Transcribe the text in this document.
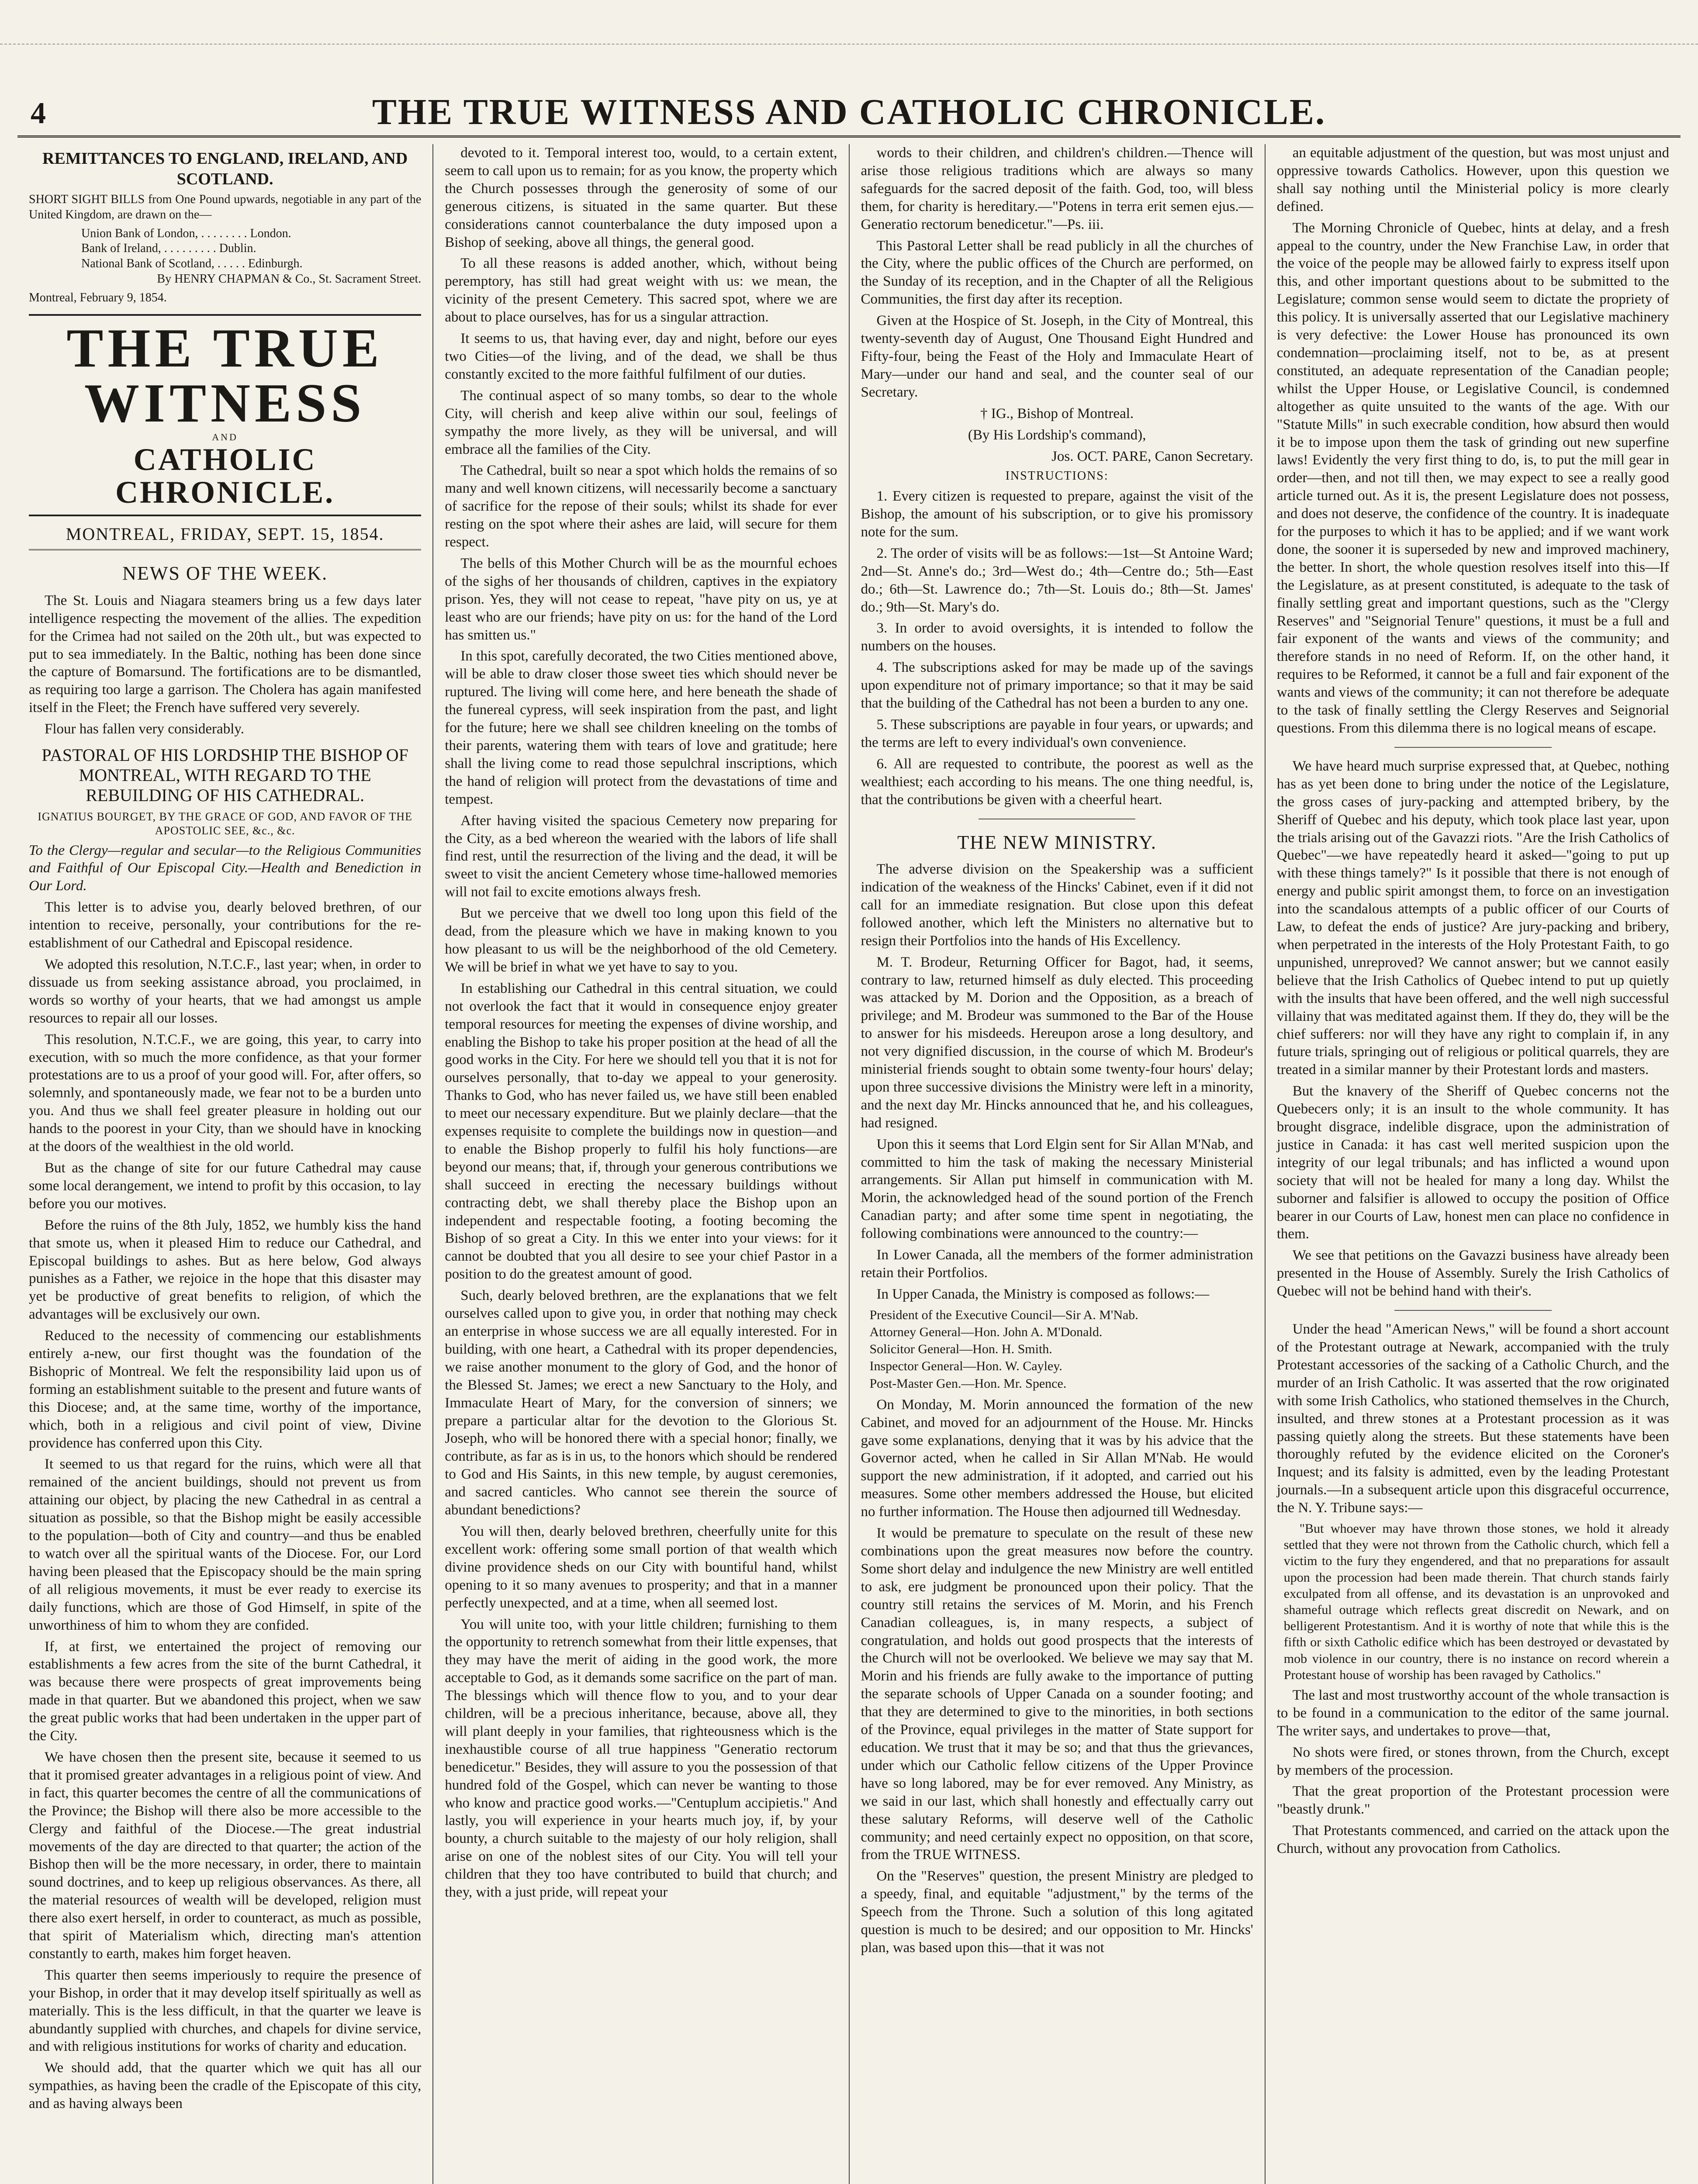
4	THE TRUE WITNESS AND CATHOLIC CHRONICLE.
REMITTANCES TO ENGLAND, IRELAND, AND SCOTLAND.

SHORT SIGHT BILLS from One Pound upwards, negotiable in any part of the United Kingdom, are drawn on the—

Union Bank of London, . . . . . . . . London.
Bank of Ireland, . . . . . . . . . Dublin.
National Bank of Scotland, . . . . . Edinburgh.

By HENRY CHAPMAN & Co., St. Sacrament Street.

Montreal, February 9, 1854.

THE TRUE WITNESS
AND
CATHOLIC CHRONICLE.
MONTREAL, FRIDAY, SEPT. 15, 1854.
NEWS OF THE WEEK.

The St. Louis and Niagara steamers bring us a few days later intelligence respecting the movement of the allies. The expedition for the Crimea had not sailed on the 20th ult., but was expected to put to sea immediately. In the Baltic, nothing has been done since the capture of Bomarsund. The fortifications are to be dismantled, as requiring too large a garrison. The Cholera has again manifested itself in the Fleet; the French have suffered very severely.

Flour has fallen very considerably.

PASTORAL OF HIS LORDSHIP THE BISHOP OF MONTREAL, WITH REGARD TO THE REBUILDING OF HIS CATHEDRAL.
IGNATIUS BOURGET, BY THE GRACE OF GOD, AND FAVOR OF THE APOSTOLIC SEE, &c., &c.

To the Clergy—regular and secular—to the Religious Communities and Faithful of Our Episcopal City.—Health and Benediction in Our Lord.

This letter is to advise you, dearly beloved brethren, of our intention to receive, personally, your contributions for the re-establishment of our Cathedral and Episcopal residence.

We adopted this resolution, N.T.C.F., last year; when, in order to dissuade us from seeking assistance abroad, you proclaimed, in words so worthy of your hearts, that we had amongst us ample resources to repair all our losses.

This resolution, N.T.C.F., we are going, this year, to carry into execution, with so much the more confidence, as that your former protestations are to us a proof of your good will. For, after offers, so solemnly, and spontaneously made, we fear not to be a burden unto you. And thus we shall feel greater pleasure in holding out our hands to the poorest in your City, than we should have in knocking at the doors of the wealthiest in the old world.

But as the change of site for our future Cathedral may cause some local derangement, we intend to profit by this occasion, to lay before you our motives.

Before the ruins of the 8th July, 1852, we humbly kiss the hand that smote us, when it pleased Him to reduce our Cathedral, and Episcopal buildings to ashes. But as here below, God always punishes as a Father, we rejoice in the hope that this disaster may yet be productive of great benefits to religion, of which the advantages will be exclusively our own.

Reduced to the necessity of commencing our establishments entirely a-new, our first thought was the foundation of the Bishopric of Montreal. We felt the responsibility laid upon us of forming an establishment suitable to the present and future wants of this Diocese; and, at the same time, worthy of the importance, which, both in a religious and civil point of view, Divine providence has conferred upon this City.

It seemed to us that regard for the ruins, which were all that remained of the ancient buildings, should not prevent us from attaining our object, by placing the new Cathedral in as central a situation as possible, so that the Bishop might be easily accessible to the population—both of City and country—and thus be enabled to watch over all the spiritual wants of the Diocese. For, our Lord having been pleased that the Episcopacy should be the main spring of all religious movements, it must be ever ready to exercise its daily functions, which are those of God Himself, in spite of the unworthiness of him to whom they are confided.

If, at first, we entertained the project of removing our establishments a few acres from the site of the burnt Cathedral, it was because there were prospects of great improvements being made in that quarter. But we abandoned this project, when we saw the great public works that had been undertaken in the upper part of the City.

We have chosen then the present site, because it seemed to us that it promised greater advantages in a religious point of view. And in fact, this quarter becomes the centre of all the communications of the Province; the Bishop will there also be more accessible to the Clergy and faithful of the Diocese.—The great industrial movements of the day are directed to that quarter; the action of the Bishop then will be the more necessary, in order, there to maintain sound doctrines, and to keep up religious observances. As there, all the material resources of wealth will be developed, religion must there also exert herself, in order to counteract, as much as possible, that spirit of Materialism which, directing man's attention constantly to earth, makes him forget heaven.

This quarter then seems imperiously to require the presence of your Bishop, in order that it may develop itself spiritually as well as materially. This is the less difficult, in that the quarter we leave is abundantly supplied with churches, and chapels for divine service, and with religious institutions for works of charity and education.

We should add, that the quarter which we quit has all our sympathies, as having been the cradle of the Episcopate of this city, and as having always been

devoted to it. Temporal interest too, would, to a certain extent, seem to call upon us to remain; for as you know, the property which the Church possesses through the generosity of some of our generous citizens, is situated in the same quarter. But these considerations cannot counterbalance the duty imposed upon a Bishop of seeking, above all things, the general good.

To all these reasons is added another, which, without being peremptory, has still had great weight with us: we mean, the vicinity of the present Cemetery. This sacred spot, where we are about to place ourselves, has for us a singular attraction.

It seems to us, that having ever, day and night, before our eyes two Cities—of the living, and of the dead, we shall be thus constantly excited to the more faithful fulfilment of our duties.

The continual aspect of so many tombs, so dear to the whole City, will cherish and keep alive within our soul, feelings of sympathy the more lively, as they will be universal, and will embrace all the families of the City.

The Cathedral, built so near a spot which holds the remains of so many and well known citizens, will necessarily become a sanctuary of sacrifice for the repose of their souls; whilst its shade for ever resting on the spot where their ashes are laid, will secure for them respect.

The bells of this Mother Church will be as the mournful echoes of the sighs of her thousands of children, captives in the expiatory prison. Yes, they will not cease to repeat, "have pity on us, ye at least who are our friends; have pity on us: for the hand of the Lord has smitten us."

In this spot, carefully decorated, the two Cities mentioned above, will be able to draw closer those sweet ties which should never be ruptured. The living will come here, and here beneath the shade of the funereal cypress, will seek inspiration from the past, and light for the future; here we shall see children kneeling on the tombs of their parents, watering them with tears of love and gratitude; here shall the living come to read those sepulchral inscriptions, which the hand of religion will protect from the devastations of time and tempest.

After having visited the spacious Cemetery now preparing for the City, as a bed whereon the wearied with the labors of life shall find rest, until the resurrection of the living and the dead, it will be sweet to visit the ancient Cemetery whose time-hallowed memories will not fail to excite emotions always fresh.

But we perceive that we dwell too long upon this field of the dead, from the pleasure which we have in making known to you how pleasant to us will be the neighborhood of the old Cemetery. We will be brief in what we yet have to say to you.

In establishing our Cathedral in this central situation, we could not overlook the fact that it would in consequence enjoy greater temporal resources for meeting the expenses of divine worship, and enabling the Bishop to take his proper position at the head of all the good works in the City. For here we should tell you that it is not for ourselves personally, that to-day we appeal to your generosity. Thanks to God, who has never failed us, we have still been enabled to meet our necessary expenditure. But we plainly declare—that the expenses requisite to complete the buildings now in question—and to enable the Bishop properly to fulfil his holy functions—are beyond our means; that, if, through your generous contributions we shall succeed in erecting the necessary buildings without contracting debt, we shall thereby place the Bishop upon an independent and respectable footing, a footing becoming the Bishop of so great a City. In this we enter into your views: for it cannot be doubted that you all desire to see your chief Pastor in a position to do the greatest amount of good.

Such, dearly beloved brethren, are the explanations that we felt ourselves called upon to give you, in order that nothing may check an enterprise in whose success we are all equally interested. For in building, with one heart, a Cathedral with its proper dependencies, we raise another monument to the glory of God, and the honor of the Blessed St. James; we erect a new Sanctuary to the Holy, and Immaculate Heart of Mary, for the conversion of sinners; we prepare a particular altar for the devotion to the Glorious St. Joseph, who will be honored there with a special honor; finally, we contribute, as far as is in us, to the honors which should be rendered to God and His Saints, in this new temple, by august ceremonies, and sacred canticles. Who cannot see therein the source of abundant benedictions?

You will then, dearly beloved brethren, cheerfully unite for this excellent work: offering some small portion of that wealth which divine providence sheds on our City with bountiful hand, whilst opening to it so many avenues to prosperity; and that in a manner perfectly unexpected, and at a time, when all seemed lost.

You will unite too, with your little children; furnishing to them the opportunity to retrench somewhat from their little expenses, that they may have the merit of aiding in the good work, the more acceptable to God, as it demands some sacrifice on the part of man. The blessings which will thence flow to you, and to your dear children, will be a precious inheritance, because, above all, they will plant deeply in your families, that righteousness which is the inexhaustible course of all true happiness "Generatio rectorum benedicetur." Besides, they will assure to you the possession of that hundred fold of the Gospel, which can never be wanting to those who know and practice good works.—"Centuplum accipietis." And lastly, you will experience in your hearts much joy, if, by your bounty, a church suitable to the majesty of our holy religion, shall arise on one of the noblest sites of our City. You will tell your children that they too have contributed to build that church; and they, with a just pride, will repeat your

words to their children, and children's children.—Thence will arise those religious traditions which are always so many safeguards for the sacred deposit of the faith. God, too, will bless them, for charity is hereditary.—"Potens in terra erit semen ejus.—Generatio rectorum benedicetur."—Ps. iii.

This Pastoral Letter shall be read publicly in all the churches of the City, where the public offices of the Church are performed, on the Sunday of its reception, and in the Chapter of all the Religious Communities, the first day after its reception.

Given at the Hospice of St. Joseph, in the City of Montreal, this twenty-seventh day of August, One Thousand Eight Hundred and Fifty-four, being the Feast of the Holy and Immaculate Heart of Mary—under our hand and seal, and the counter seal of our Secretary.

† IG., Bishop of Montreal.

(By His Lordship's command),

Jos. OCT. PARE, Canon Secretary.

INSTRUCTIONS:

1. Every citizen is requested to prepare, against the visit of the Bishop, the amount of his subscription, or to give his promissory note for the sum.

2. The order of visits will be as follows:—1st—St Antoine Ward; 2nd—St. Anne's do.; 3rd—West do.; 4th—Centre do.; 5th—East do.; 6th—St. Lawrence do.; 7th—St. Louis do.; 8th—St. James' do.; 9th—St. Mary's do.

3. In order to avoid oversights, it is intended to follow the numbers on the houses.

4. The subscriptions asked for may be made up of the savings upon expenditure not of primary importance; so that it may be said that the building of the Cathedral has not been a burden to any one.

5. These subscriptions are payable in four years, or upwards; and the terms are left to every individual's own convenience.

6. All are requested to contribute, the poorest as well as the wealthiest; each according to his means. The one thing needful, is, that the contributions be given with a cheerful heart.

THE NEW MINISTRY.

The adverse division on the Speakership was a sufficient indication of the weakness of the Hincks' Cabinet, even if it did not call for an immediate resignation. But close upon this defeat followed another, which left the Ministers no alternative but to resign their Portfolios into the hands of His Excellency.

M. T. Brodeur, Returning Officer for Bagot, had, it seems, contrary to law, returned himself as duly elected. This proceeding was attacked by M. Dorion and the Opposition, as a breach of privilege; and M. Brodeur was summoned to the Bar of the House to answer for his misdeeds. Hereupon arose a long desultory, and not very dignified discussion, in the course of which M. Brodeur's ministerial friends sought to obtain some twenty-four hours' delay; upon three successive divisions the Ministry were left in a minority, and the next day Mr. Hincks announced that he, and his colleagues, had resigned.

Upon this it seems that Lord Elgin sent for Sir Allan M'Nab, and committed to him the task of making the necessary Ministerial arrangements. Sir Allan put himself in communication with M. Morin, the acknowledged head of the sound portion of the French Canadian party; and after some time spent in negotiating, the following combinations were announced to the country:—

In Lower Canada, all the members of the former administration retain their Portfolios.

In Upper Canada, the Ministry is composed as follows:—

President of the Executive Council—Sir A. M'Nab.
Attorney General—Hon. John A. M'Donald.
Solicitor General—Hon. H. Smith.
Inspector General—Hon. W. Cayley.
Post-Master Gen.—Hon. Mr. Spence.

On Monday, M. Morin announced the formation of the new Cabinet, and moved for an adjournment of the House. Mr. Hincks gave some explanations, denying that it was by his advice that the Governor acted, when he called in Sir Allan M'Nab. He would support the new administration, if it adopted, and carried out his measures. Some other members addressed the House, but elicited no further information. The House then adjourned till Wednesday.

It would be premature to speculate on the result of these new combinations upon the great measures now before the country. Some short delay and indulgence the new Ministry are well entitled to ask, ere judgment be pronounced upon their policy. That the country still retains the services of M. Morin, and his French Canadian colleagues, is, in many respects, a subject of congratulation, and holds out good prospects that the interests of the Church will not be overlooked. We believe we may say that M. Morin and his friends are fully awake to the importance of putting the separate schools of Upper Canada on a sounder footing; and that they are determined to give to the minorities, in both sections of the Province, equal privileges in the matter of State support for education. We trust that it may be so; and that thus the grievances, under which our Catholic fellow citizens of the Upper Province have so long labored, may be for ever removed. Any Ministry, as we said in our last, which shall honestly and effectually carry out these salutary Reforms, will deserve well of the Catholic community; and need certainly expect no opposition, on that score, from the TRUE WITNESS.

On the "Reserves" question, the present Ministry are pledged to a speedy, final, and equitable "adjustment," by the terms of the Speech from the Throne. Such a solution of this long agitated question is much to be desired; and our opposition to Mr. Hincks' plan, was based upon this—that it was not

an equitable adjustment of the question, but was most unjust and oppressive towards Catholics. However, upon this question we shall say nothing until the Ministerial policy is more clearly defined.

The Morning Chronicle of Quebec, hints at delay, and a fresh appeal to the country, under the New Franchise Law, in order that the voice of the people may be allowed fairly to express itself upon this, and other important questions about to be submitted to the Legislature; common sense would seem to dictate the propriety of this policy. It is universally asserted that our Legislative machinery is very defective: the Lower House has pronounced its own condemnation—proclaiming itself, not to be, as at present constituted, an adequate representation of the Canadian people; whilst the Upper House, or Legislative Council, is condemned altogether as quite unsuited to the wants of the age. With our "Statute Mills" in such execrable condition, how absurd then would it be to impose upon them the task of grinding out new superfine laws! Evidently the very first thing to do, is, to put the mill gear in order—then, and not till then, we may expect to see a really good article turned out. As it is, the present Legislature does not possess, and does not deserve, the confidence of the country. It is inadequate for the purposes to which it has to be applied; and if we want work done, the sooner it is superseded by new and improved machinery, the better. In short, the whole question resolves itself into this—If the Legislature, as at present constituted, is adequate to the task of finally settling great and important questions, such as the "Clergy Reserves" and "Seignorial Tenure" questions, it must be a full and fair exponent of the wants and views of the community; and therefore stands in no need of Reform. If, on the other hand, it requires to be Reformed, it cannot be a full and fair exponent of the wants and views of the community; it can not therefore be adequate to the task of finally settling the Clergy Reserves and Seignorial questions. From this dilemma there is no logical means of escape.

We have heard much surprise expressed that, at Quebec, nothing has as yet been done to bring under the notice of the Legislature, the gross cases of jury-packing and attempted bribery, by the Sheriff of Quebec and his deputy, which took place last year, upon the trials arising out of the Gavazzi riots. "Are the Irish Catholics of Quebec"—we have repeatedly heard it asked—"going to put up with these things tamely?" Is it possible that there is not enough of energy and public spirit amongst them, to force on an investigation into the scandalous attempts of a public officer of our Courts of Law, to defeat the ends of justice? Are jury-packing and bribery, when perpetrated in the interests of the Holy Protestant Faith, to go unpunished, unreproved? We cannot answer; but we cannot easily believe that the Irish Catholics of Quebec intend to put up quietly with the insults that have been offered, and the well nigh successful villainy that was meditated against them. If they do, they will be the chief sufferers: nor will they have any right to complain if, in any future trials, springing out of religious or political quarrels, they are treated in a similar manner by their Protestant lords and masters.

But the knavery of the Sheriff of Quebec concerns not the Quebecers only; it is an insult to the whole community. It has brought disgrace, indelible disgrace, upon the administration of justice in Canada: it has cast well merited suspicion upon the integrity of our legal tribunals; and has inflicted a wound upon society that will not be healed for many a long day. Whilst the suborner and falsifier is allowed to occupy the position of Office bearer in our Courts of Law, honest men can place no confidence in them.

We see that petitions on the Gavazzi business have already been presented in the House of Assembly. Surely the Irish Catholics of Quebec will not be behind hand with their's.

Under the head "American News," will be found a short account of the Protestant outrage at Newark, accompanied with the truly Protestant accessories of the sacking of a Catholic Church, and the murder of an Irish Catholic. It was asserted that the row originated with some Irish Catholics, who stationed themselves in the Church, insulted, and threw stones at a Protestant procession as it was passing quietly along the streets. But these statements have been thoroughly refuted by the evidence elicited on the Coroner's Inquest; and its falsity is admitted, even by the leading Protestant journals.—In a subsequent article upon this disgraceful occurrence, the N. Y. Tribune says:—

"But whoever may have thrown those stones, we hold it already settled that they were not thrown from the Catholic church, which fell a victim to the fury they engendered, and that no preparations for assault upon the procession had been made therein. That church stands fairly exculpated from all offense, and its devastation is an unprovoked and shameful outrage which reflects great discredit on Newark, and on belligerent Protestantism. And it is worthy of note that while this is the fifth or sixth Catholic edifice which has been destroyed or devastated by mob violence in our country, there is no instance on record wherein a Protestant house of worship has been ravaged by Catholics."

The last and most trustworthy account of the whole transaction is to be found in a communication to the editor of the same journal. The writer says, and undertakes to prove—that,

No shots were fired, or stones thrown, from the Church, except by members of the procession.

That the great proportion of the Protestant procession were "beastly drunk."

That Protestants commenced, and carried on the attack upon the Church, without any provocation from Catholics.
